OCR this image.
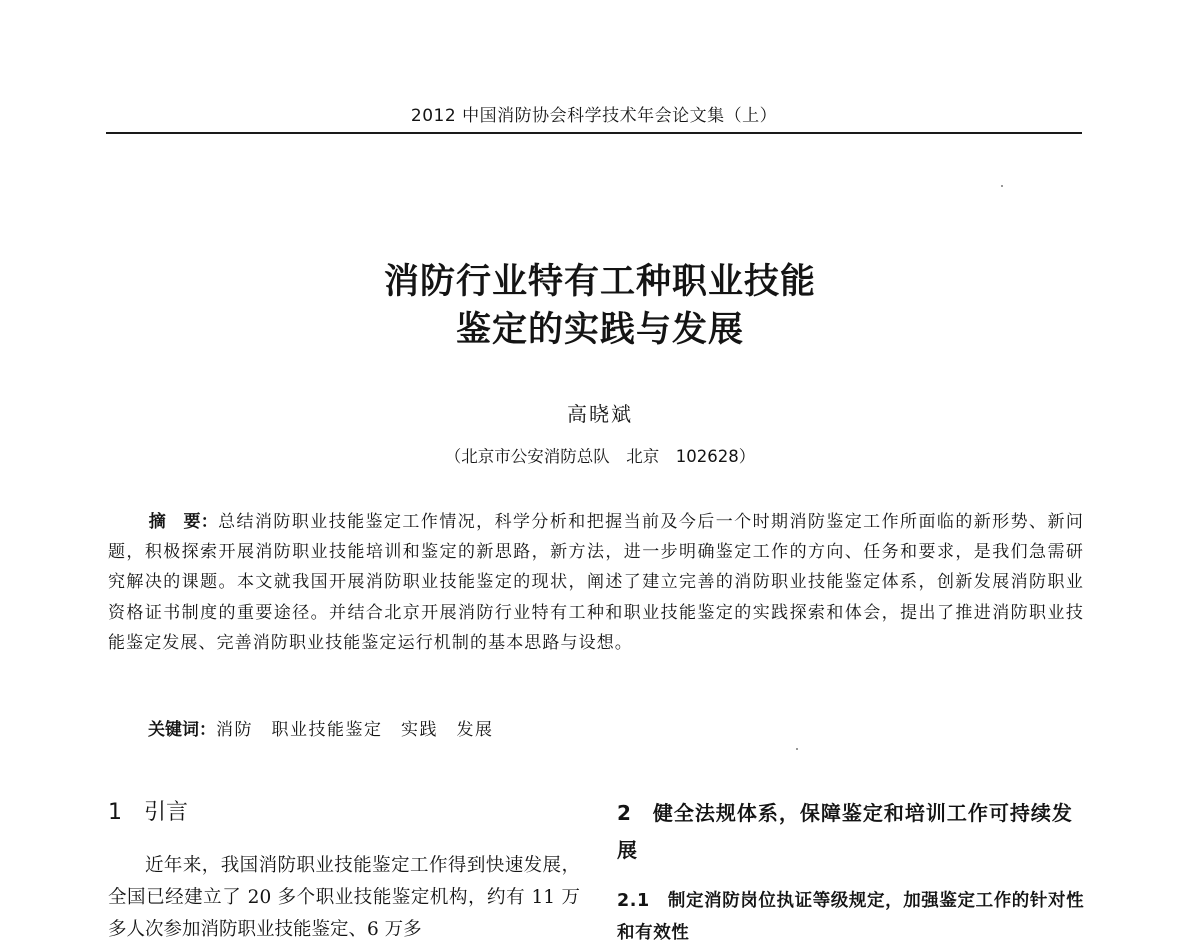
2012 中国消防协会科学技术年会论文集（上）
消防行业特有工种职业技能
鉴定的实践与发展
高晓斌
（北京市公安消防总队　北京　102628）
摘　要：总结消防职业技能鉴定工作情况，科学分析和把握当前及今后一个时期消防鉴定工作所面临的新形势、新问题，积极探索开展消防职业技能培训和鉴定的新思路，新方法，进一步明确鉴定工作的方向、任务和要求，是我们急需研究解决的课题。本文就我国开展消防职业技能鉴定的现状，阐述了建立完善的消防职业技能鉴定体系，创新发展消防职业资格证书制度的重要途径。并结合北京开展消防行业特有工种和职业技能鉴定的实践探索和体会，提出了推进消防职业技能鉴定发展、完善消防职业技能鉴定运行机制的基本思路与设想。
关键词：消防　职业技能鉴定　实践　发展
1　引言
近年来，我国消防职业技能鉴定工作得到快速发展，全国已经建立了 20 多个职业技能鉴定机构，约有 11 万多人次参加消防职业技能鉴定、6 万多
2　健全法规体系，保障鉴定和培训工作可持续发展
2.1　制定消防岗位执证等级规定，加强鉴定工作的针对性和有效性
